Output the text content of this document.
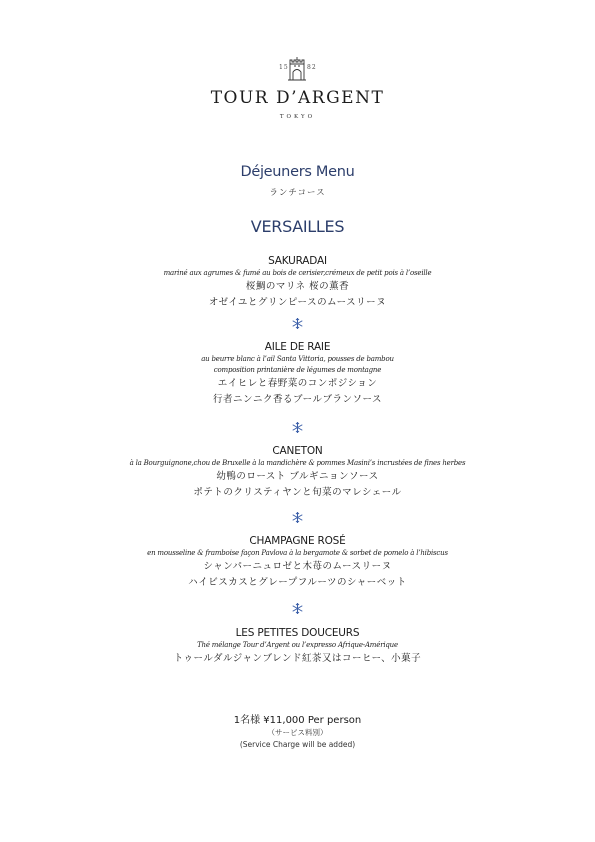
15	82
TOUR D’ARGENT
TOKYO
Déjeuners Menu
ランチコース
VERSAILLES
SAKURADAI
mariné aux agrumes & fumé au bois de cerisier,crémeux de petit pois à l’oseille
桜鯛のマリネ 桜の薫香
オゼイユとグリンピースのムースリーヌ
AILE DE RAIE
au beurre blanc à l’ail Santa Vittoria, pousses de bambou
composition printanière de légumes de montagne
エイヒレと春野菜のコンポジション
行者ニンニク香るブールブランソース
CANETON
à la Bourguignone,chou de Bruxelle à la mandichère & pommes Masini’s incrustées de fines herbes
幼鴨のロースト ブルギニョンソース
ポテトのクリスティヤンと旬菜のマレシェール
CHAMPAGNE ROSÉ
en mousseline & framboise façon Pavlova à la bergamote & sorbet de pomelo à l’hibiscus
シャンパーニュロゼと木苺のムースリーヌ
ハイビスカスとグレープフルーツのシャーベット
LES PETITES DOUCEURS
Thé mélange Tour d’Argent ou l’expresso Afrique-Amérique
トゥールダルジャンブレンド紅茶又はコーヒー、小菓子
1名様 ¥11,000 Per person
（サービス料別）
(Service Charge will be added)
